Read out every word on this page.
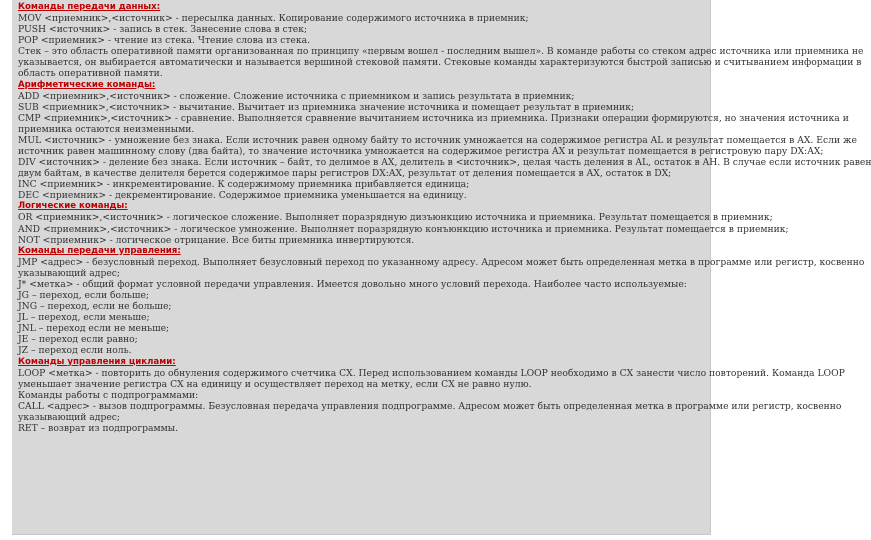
Команды передачи данных:
MOV <приемник>,<источник> - пересылка данных. Копирование содержимого источника в приемник;
PUSH <источник> - запись в стек. Занесение слова в стек;
POP <приемник> - чтение из стека. Чтение слова из стека.
Стек – это область оперативной памяти организованная по принципу «первым вошел - последним вышел». В команде работы со стеком адрес источника или приемника не
указывается, он выбирается автоматически и называется вершиной стековой памяти. Стековые команды характеризуются быстрой записью и считыванием информации в
область оперативной памяти.
Арифметические команды:
ADD <приемник>,<источник> - сложение. Сложение источника с приемником и запись результата в приемник;
SUB <приемник>,<источник> - вычитание. Вычитает из приемника значение источника и помещает результат в приемник;
CMP <приемник>,<источник> - сравнение. Выполняется сравнение вычитанием источника из приемника. Признаки операции формируются, но значения источника и
приемника остаются неизменными.
MUL <источник> - умножение без знака. Если источник равен одному байту то источник умножается на содержимое регистра AL и результат помещается в AX. Если же
источник равен машинному слову (два байта), то значение источника умножается на содержимое регистра AX и результат помещается в регистровую пару DX:AX;
DIV <источник> - деление без знака. Если источник – байт, то делимое в AX, делитель в <источник>, целая часть деления в AL, остаток в AH. В случае если источник равен
двум байтам, в качестве делителя берется содержимое пары регистров DX:AX, результат от деления помещается в AX, остаток в DX;
INC <приемник> - инкрементирование. К содержимому приемника прибавляется единица;
DEC <приемник> - декрементирование. Содержимое приемника уменьшается на единицу.
Логические команды:
OR <приемник>,<источник> - логическое сложение. Выполняет поразрядную дизъюнкцию источника и приемника. Результат помещается в приемник;
AND <приемник>,<источник> - логическое умножение. Выполняет поразрядную конъюнкцию источника и приемника. Результат помещается в приемник;
NOT <приемник> - логическое отрицание. Все биты приемника инвертируются.
Команды передачи управления:
JMP <адрес> - безусловный переход. Выполняет безусловный переход по указанному адресу. Адресом может быть определенная метка в программе или регистр, косвенно
указывающий адрес;
J* <метка> - общий формат условной передачи управления. Имеется довольно много условий перехода. Наиболее часто используемые:
JG – переход, если больше;
JNG – переход, если не больше;
JL – переход, если меньше;
JNL – переход если не меньше;
JE – переход если равно;
JZ – переход если ноль.
Команды управления циклами:
LOOP <метка> - повторить до обнуления содержимого счетчика CX. Перед использованием команды LOOP необходимо в CX занести число повторений. Команда LOOP
уменьшает значение регистра CX на единицу и осуществляет переход на метку, если CX не равно нулю.
Команды работы с подпрограммами:
CALL <адрес> - вызов подпрограммы. Безусловная передача управления подпрограмме. Адресом может быть определенная метка в программе или регистр, косвенно
указывающий адрес;
RET – возврат из подпрограммы.
